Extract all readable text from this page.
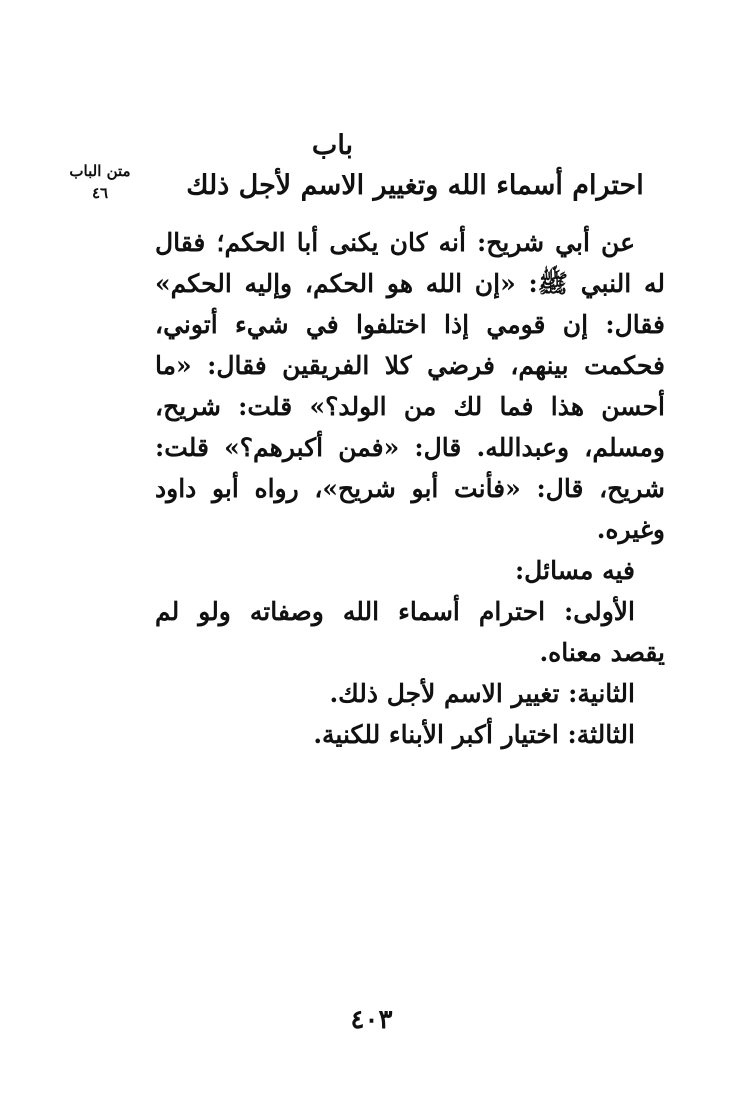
متن الباب
٤٦
باب
احترام أسماء الله وتغيير الاسم لأجل ذلك

عن أبي شريح: أنه كان يكنى أبا الحكم؛ فقال له النبي ﷺ: «إن الله هو الحكم، وإليه الحكم» فقال: إن قومي إذا اختلفوا في شيء أتوني، فحكمت بينهم، فرضي كلا الفريقين فقال: «ما أحسن هذا فما لك من الولد؟» قلت: شريح، ومسلم، وعبدالله. قال: «فمن أكبرهم؟» قلت: شريح، قال: «فأنت أبو شريح»، رواه أبو داود وغيره.

فيه مسائل:

الأولى: احترام أسماء الله وصفاته ولو لم يقصد معناه.

الثانية: تغيير الاسم لأجل ذلك.

الثالثة: اختيار أكبر الأبناء للكنية.

٤٠٣
